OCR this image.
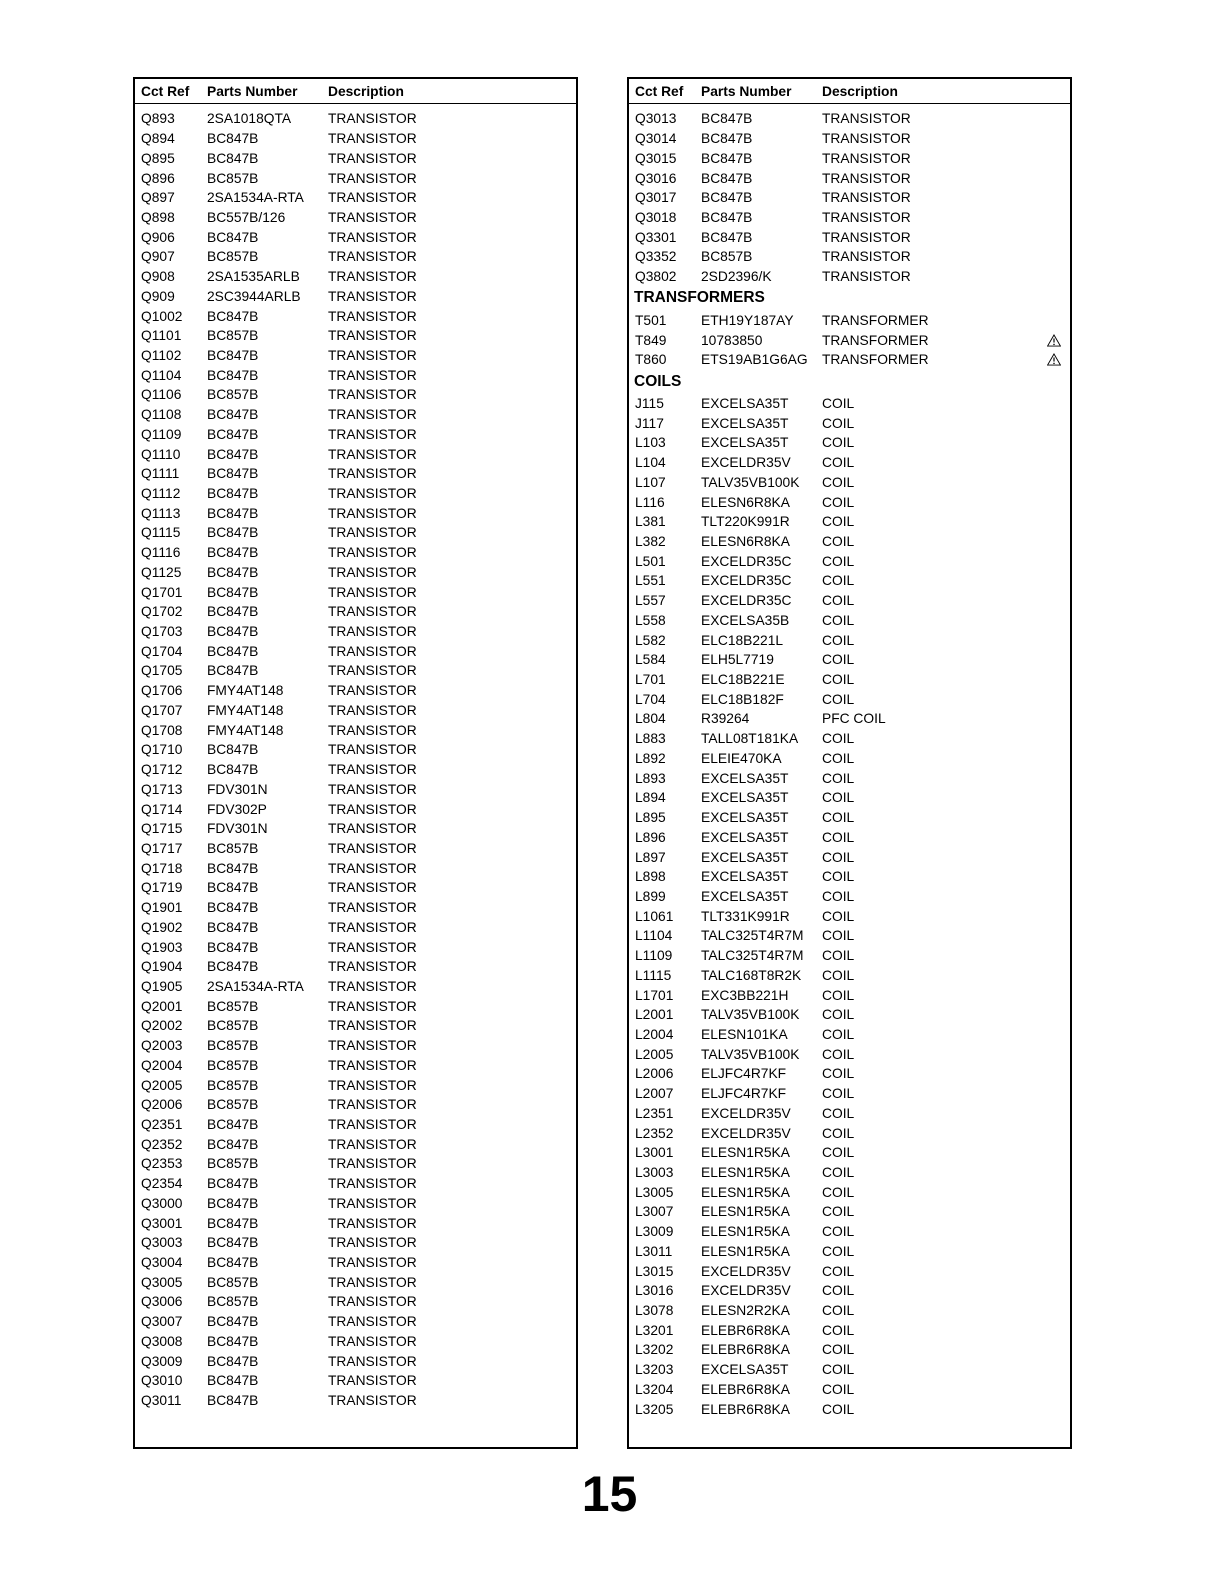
Cct Ref	Parts Number	Description
Q893	2SA1018QTA	TRANSISTOR
Q894	BC847B	TRANSISTOR
Q895	BC847B	TRANSISTOR
Q896	BC857B	TRANSISTOR
Q897	2SA1534A-RTA	TRANSISTOR
Q898	BC557B/126	TRANSISTOR
Q906	BC847B	TRANSISTOR
Q907	BC857B	TRANSISTOR
Q908	2SA1535ARLB	TRANSISTOR
Q909	2SC3944ARLB	TRANSISTOR
Q1002	BC847B	TRANSISTOR
Q1101	BC857B	TRANSISTOR
Q1102	BC847B	TRANSISTOR
Q1104	BC847B	TRANSISTOR
Q1106	BC857B	TRANSISTOR
Q1108	BC847B	TRANSISTOR
Q1109	BC847B	TRANSISTOR
Q1110	BC847B	TRANSISTOR
Q1111	BC847B	TRANSISTOR
Q1112	BC847B	TRANSISTOR
Q1113	BC847B	TRANSISTOR
Q1115	BC847B	TRANSISTOR
Q1116	BC847B	TRANSISTOR
Q1125	BC847B	TRANSISTOR
Q1701	BC847B	TRANSISTOR
Q1702	BC847B	TRANSISTOR
Q1703	BC847B	TRANSISTOR
Q1704	BC847B	TRANSISTOR
Q1705	BC847B	TRANSISTOR
Q1706	FMY4AT148	TRANSISTOR
Q1707	FMY4AT148	TRANSISTOR
Q1708	FMY4AT148	TRANSISTOR
Q1710	BC847B	TRANSISTOR
Q1712	BC847B	TRANSISTOR
Q1713	FDV301N	TRANSISTOR
Q1714	FDV302P	TRANSISTOR
Q1715	FDV301N	TRANSISTOR
Q1717	BC857B	TRANSISTOR
Q1718	BC847B	TRANSISTOR
Q1719	BC847B	TRANSISTOR
Q1901	BC847B	TRANSISTOR
Q1902	BC847B	TRANSISTOR
Q1903	BC847B	TRANSISTOR
Q1904	BC847B	TRANSISTOR
Q1905	2SA1534A-RTA	TRANSISTOR
Q2001	BC857B	TRANSISTOR
Q2002	BC857B	TRANSISTOR
Q2003	BC857B	TRANSISTOR
Q2004	BC857B	TRANSISTOR
Q2005	BC857B	TRANSISTOR
Q2006	BC857B	TRANSISTOR
Q2351	BC847B	TRANSISTOR
Q2352	BC847B	TRANSISTOR
Q2353	BC857B	TRANSISTOR
Q2354	BC847B	TRANSISTOR
Q3000	BC847B	TRANSISTOR
Q3001	BC847B	TRANSISTOR
Q3003	BC847B	TRANSISTOR
Q3004	BC847B	TRANSISTOR
Q3005	BC857B	TRANSISTOR
Q3006	BC857B	TRANSISTOR
Q3007	BC847B	TRANSISTOR
Q3008	BC847B	TRANSISTOR
Q3009	BC847B	TRANSISTOR
Q3010	BC847B	TRANSISTOR
Q3011	BC847B	TRANSISTOR
Cct Ref	Parts Number	Description
Q3013	BC847B	TRANSISTOR
Q3014	BC847B	TRANSISTOR
Q3015	BC847B	TRANSISTOR
Q3016	BC847B	TRANSISTOR
Q3017	BC847B	TRANSISTOR
Q3018	BC847B	TRANSISTOR
Q3301	BC847B	TRANSISTOR
Q3352	BC857B	TRANSISTOR
Q3802	2SD2396/K	TRANSISTOR
TRANSFORMERS
T501	ETH19Y187AY	TRANSFORMER
T849	10783850	TRANSFORMER
T860	ETS19AB1G6AG	TRANSFORMER
COILS
J115	EXCELSA35T	COIL
J117	EXCELSA35T	COIL
L103	EXCELSA35T	COIL
L104	EXCELDR35V	COIL
L107	TALV35VB100K	COIL
L116	ELESN6R8KA	COIL
L381	TLT220K991R	COIL
L382	ELESN6R8KA	COIL
L501	EXCELDR35C	COIL
L551	EXCELDR35C	COIL
L557	EXCELDR35C	COIL
L558	EXCELSA35B	COIL
L582	ELC18B221L	COIL
L584	ELH5L7719	COIL
L701	ELC18B221E	COIL
L704	ELC18B182F	COIL
L804	R39264	PFC COIL
L883	TALL08T181KA	COIL
L892	ELEIE470KA	COIL
L893	EXCELSA35T	COIL
L894	EXCELSA35T	COIL
L895	EXCELSA35T	COIL
L896	EXCELSA35T	COIL
L897	EXCELSA35T	COIL
L898	EXCELSA35T	COIL
L899	EXCELSA35T	COIL
L1061	TLT331K991R	COIL
L1104	TALC325T4R7M	COIL
L1109	TALC325T4R7M	COIL
L1115	TALC168T8R2K	COIL
L1701	EXC3BB221H	COIL
L2001	TALV35VB100K	COIL
L2004	ELESN101KA	COIL
L2005	TALV35VB100K	COIL
L2006	ELJFC4R7KF	COIL
L2007	ELJFC4R7KF	COIL
L2351	EXCELDR35V	COIL
L2352	EXCELDR35V	COIL
L3001	ELESN1R5KA	COIL
L3003	ELESN1R5KA	COIL
L3005	ELESN1R5KA	COIL
L3007	ELESN1R5KA	COIL
L3009	ELESN1R5KA	COIL
L3011	ELESN1R5KA	COIL
L3015	EXCELDR35V	COIL
L3016	EXCELDR35V	COIL
L3078	ELESN2R2KA	COIL
L3201	ELEBR6R8KA	COIL
L3202	ELEBR6R8KA	COIL
L3203	EXCELSA35T	COIL
L3204	ELEBR6R8KA	COIL
L3205	ELEBR6R8KA	COIL
15
